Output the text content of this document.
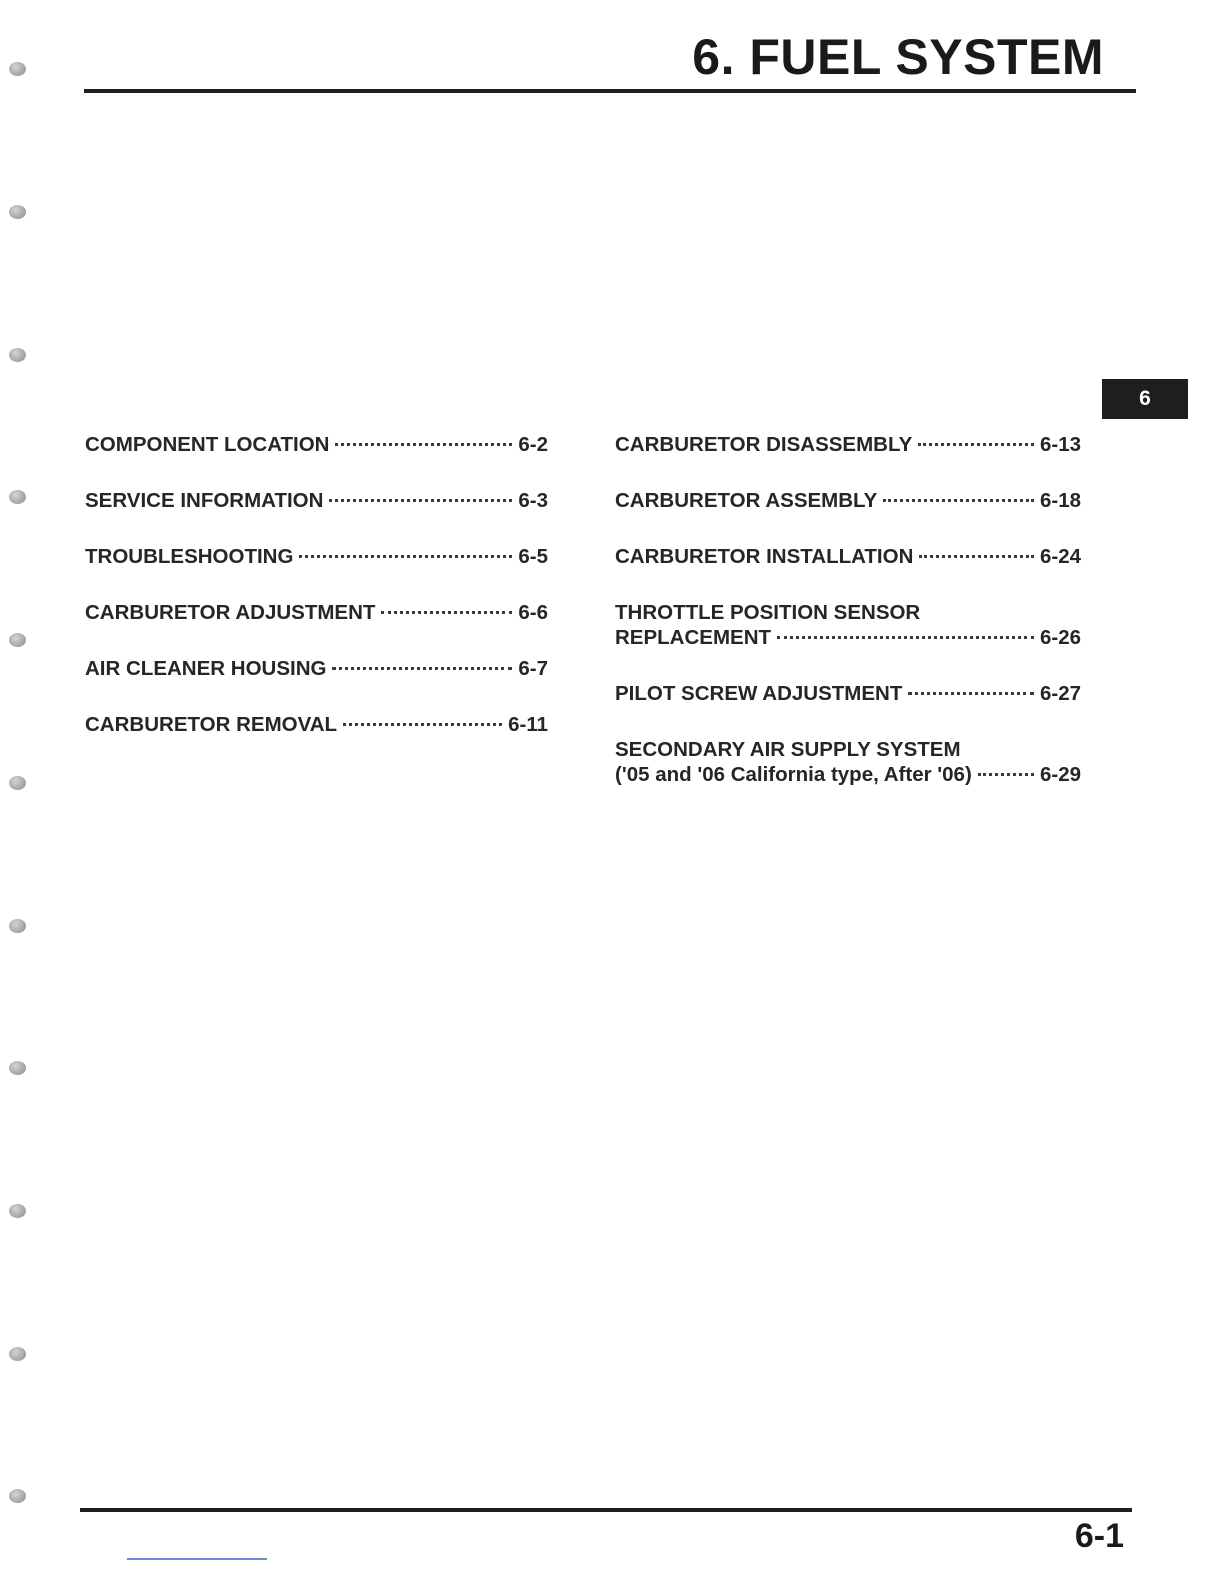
6. FUEL SYSTEM
6
COMPONENT LOCATION	6-2
SERVICE INFORMATION	6-3
TROUBLESHOOTING	6-5
CARBURETOR ADJUSTMENT	6-6
AIR CLEANER HOUSING	6-7
CARBURETOR REMOVAL	6-11
CARBURETOR DISASSEMBLY	6-13
CARBURETOR ASSEMBLY	6-18
CARBURETOR INSTALLATION	6-24
THROTTLE POSITION SENSOR
REPLACEMENT	6-26
PILOT SCREW ADJUSTMENT	6-27
SECONDARY AIR SUPPLY SYSTEM
('05 and '06 California type, After '06)	6-29
6-1
